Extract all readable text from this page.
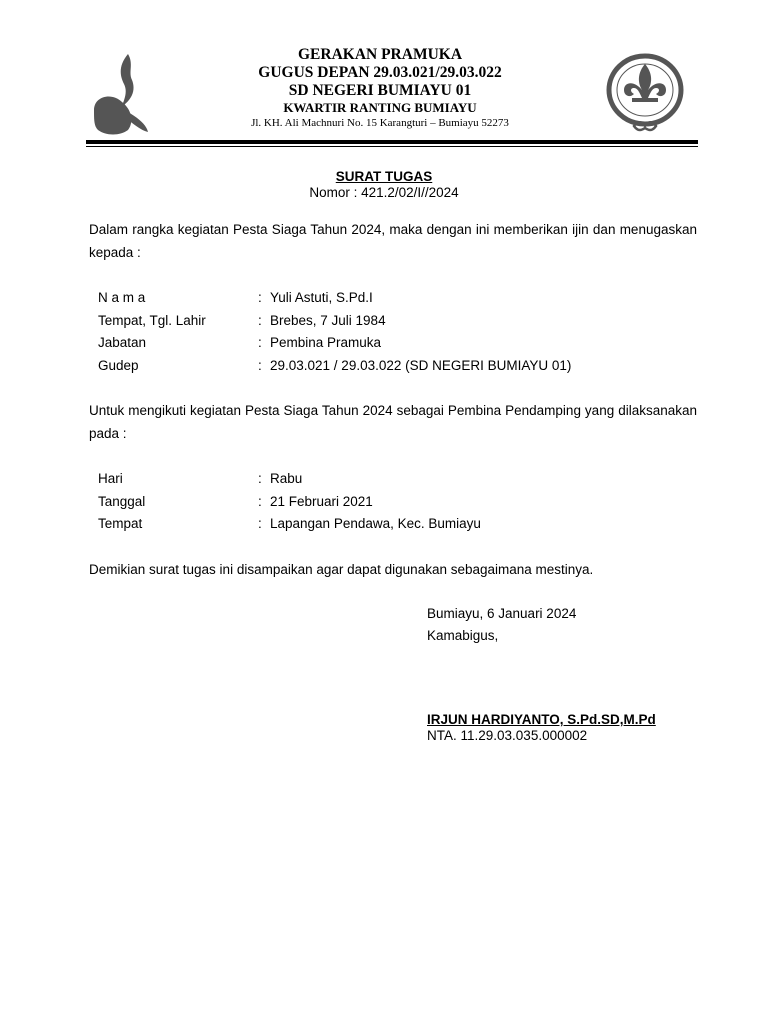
GERAKAN PRAMUKA
GUGUS DEPAN 29.03.021/29.03.022
SD NEGERI BUMIAYU 01
KWARTIR RANTING BUMIAYU
Jl. KH. Ali Machnuri No. 15 Karangturi – Bumiayu 52273
SURAT TUGAS
Nomor : 421.2/02/I//2024
Dalam rangka kegiatan Pesta Siaga Tahun 2024, maka dengan ini memberikan ijin dan menugaskan kepada :
N a m a	: Yuli Astuti, S.Pd.I
Tempat, Tgl. Lahir	: Brebes, 7 Juli 1984
Jabatan	: Pembina Pramuka
Gudep	: 29.03.021 / 29.03.022 (SD NEGERI BUMIAYU 01)
Untuk mengikuti kegiatan Pesta Siaga Tahun 2024 sebagai Pembina Pendamping yang dilaksanakan pada :
Hari	: Rabu
Tanggal	: 21 Februari 2021
Tempat	: Lapangan Pendawa, Kec. Bumiayu
Demikian surat tugas ini disampaikan agar dapat digunakan sebagaimana mestinya.
Bumiayu, 6 Januari 2024
Kamabigus,
IRJUN HARDIYANTO, S.Pd.SD,M.Pd
NTA. 11.29.03.035.000002
